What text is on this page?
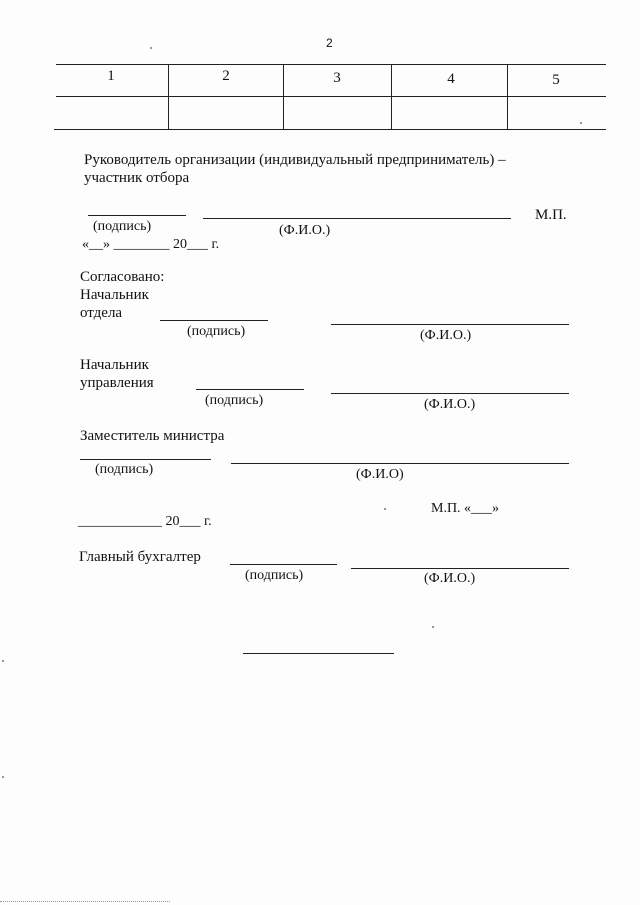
2
1	2	3	4	5
Руководитель организации (индивидуальный предприниматель) –
участник отбора
М.П.
(подпись)	(Ф.И.О.)
«__» ________ 20___ г.
Согласовано:
Начальник
отдела
(подпись)	(Ф.И.О.)
Начальник
управления
(подпись)	(Ф.И.О.)
Заместитель министра
(подпись)	(Ф.И.О)
М.П. «___»
____________ 20___ г.
Главный бухгалтер
(подпись)	(Ф.И.О.)
